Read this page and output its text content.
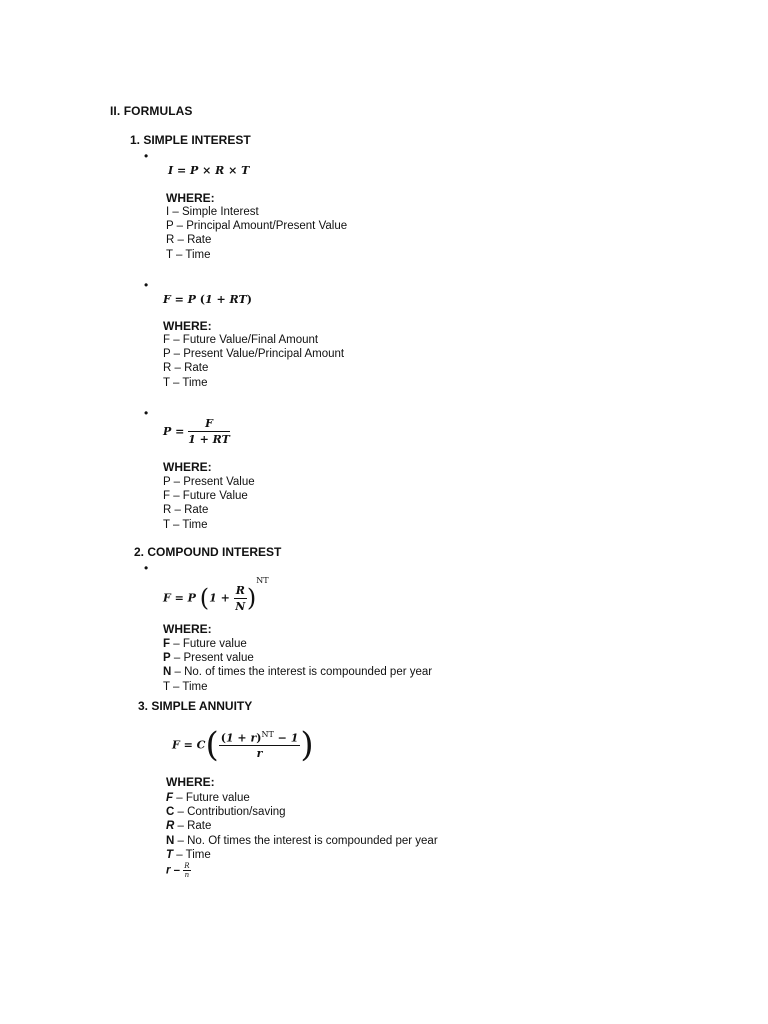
II. FORMULAS
1. SIMPLE INTEREST
•
I = P × R × T
WHERE:
I – Simple Interest
P – Principal Amount/Present Value
R – Rate
T – Time
•
F = P (1 + RT)
WHERE:
F – Future Value/Final Amount
P – Present Value/Principal Amount
R – Rate
T – Time
•
$P = \frac{F}{1 + RT}$
WHERE:
P – Present Value
F – Future Value
R – Rate
T – Time
2. COMPOUND INTEREST
•
F = P $(1 + \frac{R}{N} )^{NT}$
WHERE:
F – Future value
P – Present value
N – No. of times the interest is compounded per year
T – Time
3. SIMPLE ANNUITY
$F = C( \frac{(1 + r)^{NT} - 1}{r}$ )
WHERE:
F – Future value
C – Contribution/saving
R – Rate
N – No. Of times the interest is compounded per year
T – Time
r – $\frac{R}{n}$
